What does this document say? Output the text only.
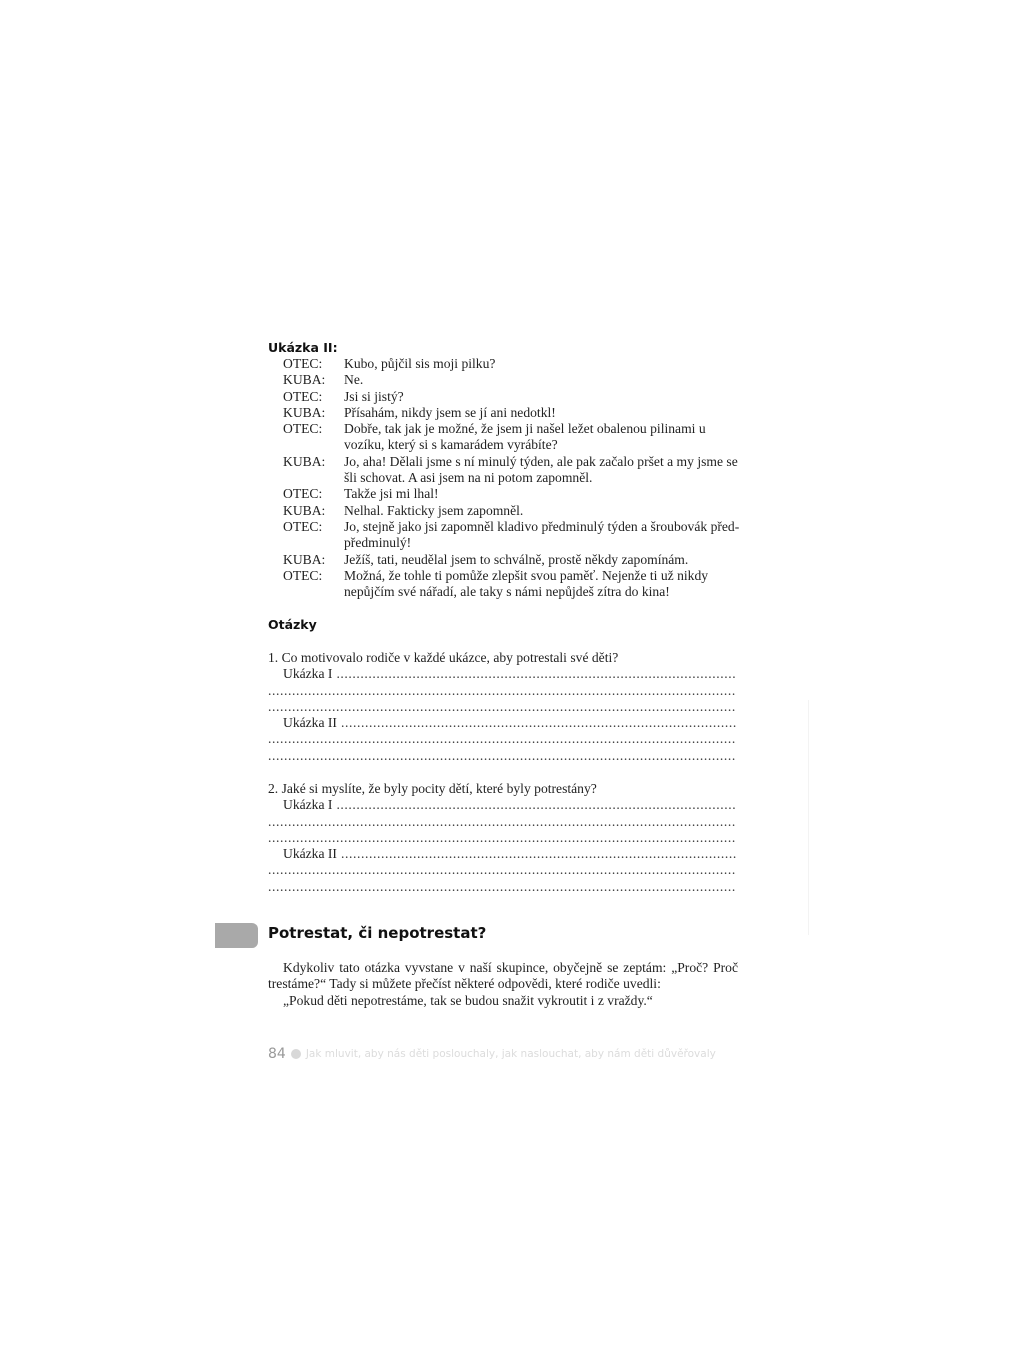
Ukázka II:
OTEC:	Kubo, půjčil sis moji pilku?
KUBA:	Ne.
OTEC:	Jsi si jistý?
KUBA:	Přísahám, nikdy jsem se jí ani nedotkl!
OTEC:	Dobře, tak jak je možné, že jsem ji našel ležet obalenou pilinami u vozíku, který si s kamarádem vyrábíte?
KUBA:	Jo, aha! Dělali jsme s ní minulý týden, ale pak začalo pršet a my jsme se šli schovat. A asi jsem na ni potom zapomněl.
OTEC:	Takže jsi mi lhal!
KUBA:	Nelhal. Fakticky jsem zapomněl.
OTEC:	Jo, stejně jako jsi zapomněl kladivo předminulý týden a šroubovák před-předminulý!
KUBA:	Ježíš, tati, neudělal jsem to schválně, prostě někdy zapomínám.
OTEC:	Možná, že tohle ti pomůže zlepšit svou paměť. Nejenže ti už nikdy nepůjčím své nářadí, ale taky s námi nepůjdeš zítra do kina!
Otázky
1. Co motivovalo rodiče v každé ukázce, aby potrestali své děti?
Ukázka I
.....
.....
.....
Ukázka II
.....
.....
.....
2. Jaké si myslíte, že byly pocity dětí, které byly potrestány?
Ukázka I
.....
.....
.....
Ukázka II
.....
.....
.....
Potrestat, či nepotrestat?
Kdykoliv tato otázka vyvstane v naší skupince, obyčejně se zeptám: „Proč? Proč trestáme?“ Tady si můžete přečíst některé odpovědi, které rodiče uvedli:
„Pokud děti nepotrestáme, tak se budou snažit vykroutit i z vraždy.“
84 Jak mluvit, aby nás děti poslouchaly, jak naslouchat, aby nám děti důvěřovaly
